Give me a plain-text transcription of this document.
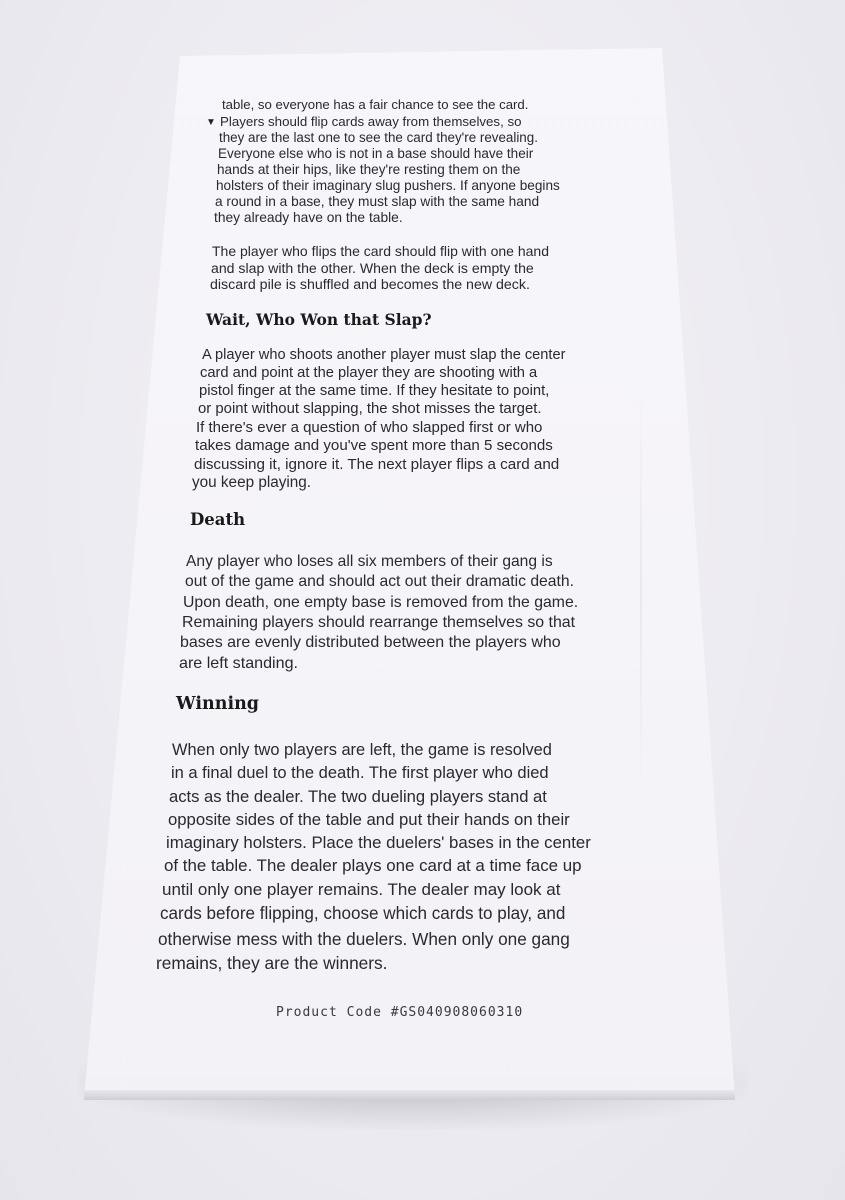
▼

table, so everyone has a fair chance to see the card.

Players should flip cards away from themselves, so

they are the last one to see the card they're revealing.

Everyone else who is not in a base should have their

hands at their hips, like they're resting them on the

holsters of their imaginary slug pushers. If anyone begins

a round in a base, they must slap with the same hand

they already have on the table.

The player who flips the card should flip with one hand

and slap with the other. When the deck is empty the

discard pile is shuffled and becomes the new deck.

Wait, Who Won that Slap?

A player who shoots another player must slap the center

card and point at the player they are shooting with a

pistol finger at the same time. If they hesitate to point,

or point without slapping, the shot misses the target.

If there's ever a question of who slapped first or who

takes damage and you've spent more than 5 seconds

discussing it, ignore it. The next player flips a card and

you keep playing.

Death

Any player who loses all six members of their gang is

out of the game and should act out their dramatic death.

Upon death, one empty base is removed from the game.

Remaining players should rearrange themselves so that

bases are evenly distributed between the players who

are left standing.

Winning

When only two players are left, the game is resolved

in a final duel to the death. The first player who died

acts as the dealer. The two dueling players stand at

opposite sides of the table and put their hands on their

imaginary holsters. Place the duelers' bases in the center

of the table. The dealer plays one card at a time face up

until only one player remains. The dealer may look at

cards before flipping, choose which cards to play, and

otherwise mess with the duelers. When only one gang

remains, they are the winners.

Product Code #GS040908060310
